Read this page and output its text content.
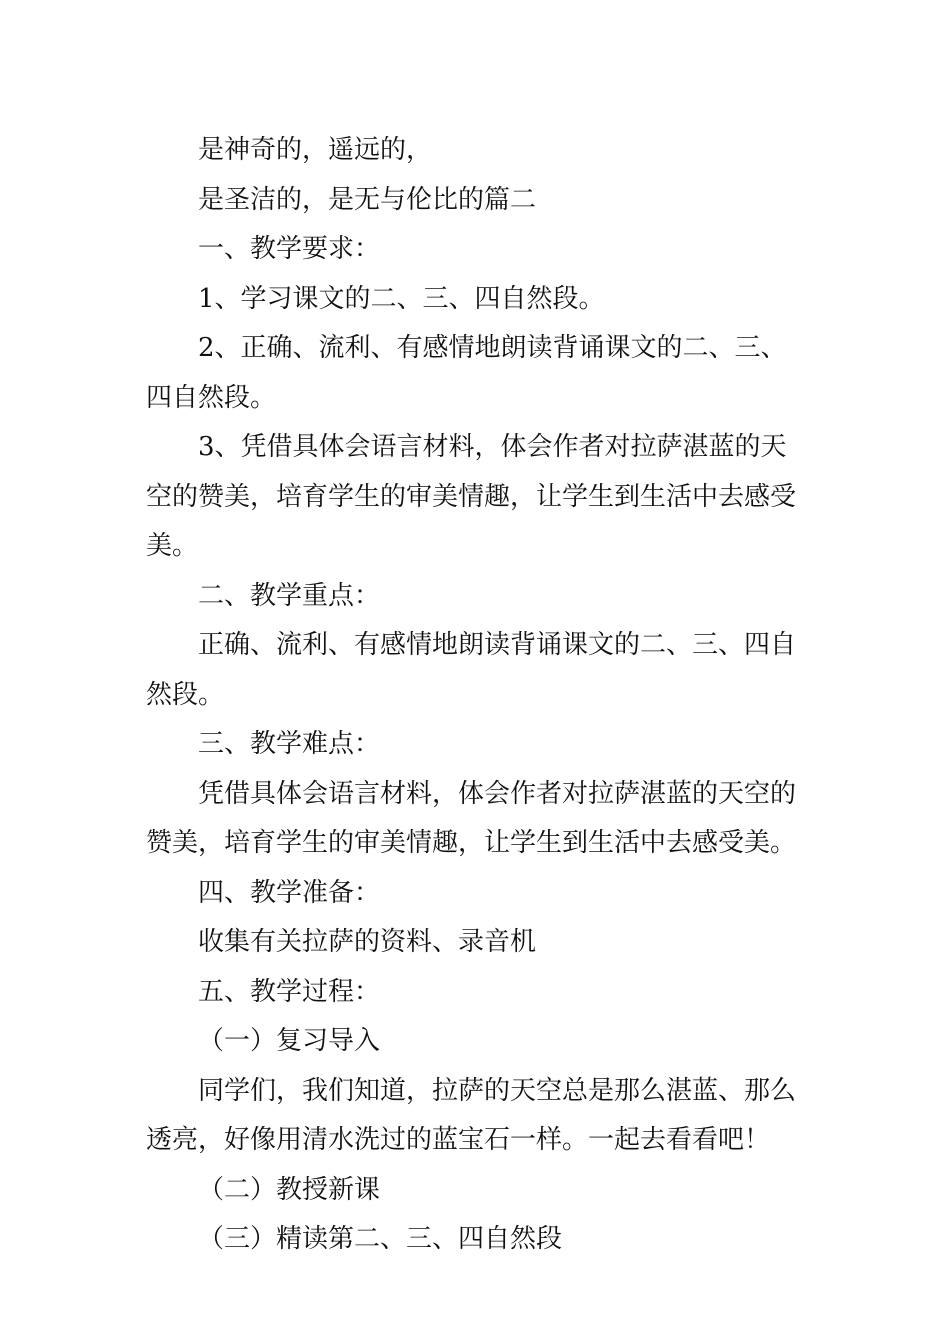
是神奇的，遥远的，

是圣洁的，是无与伦比的篇二

一、教学要求：

1、学习课文的二、三、四自然段。

2、正确、流利、有感情地朗读背诵课文的二、三、四自然段。

3、凭借具体会语言材料，体会作者对拉萨湛蓝的天空的赞美，培育学生的审美情趣，让学生到生活中去感受美。

二、教学重点：

正确、流利、有感情地朗读背诵课文的二、三、四自然段。

三、教学难点：

凭借具体会语言材料，体会作者对拉萨湛蓝的天空的赞美，培育学生的审美情趣，让学生到生活中去感受美。

四、教学准备：

收集有关拉萨的资料、录音机

五、教学过程：

（一）复习导入

同学们，我们知道，拉萨的天空总是那么湛蓝、那么透亮，好像用清水洗过的蓝宝石一样。一起去看看吧！

（二）教授新课

（三）精读第二、三、四自然段
